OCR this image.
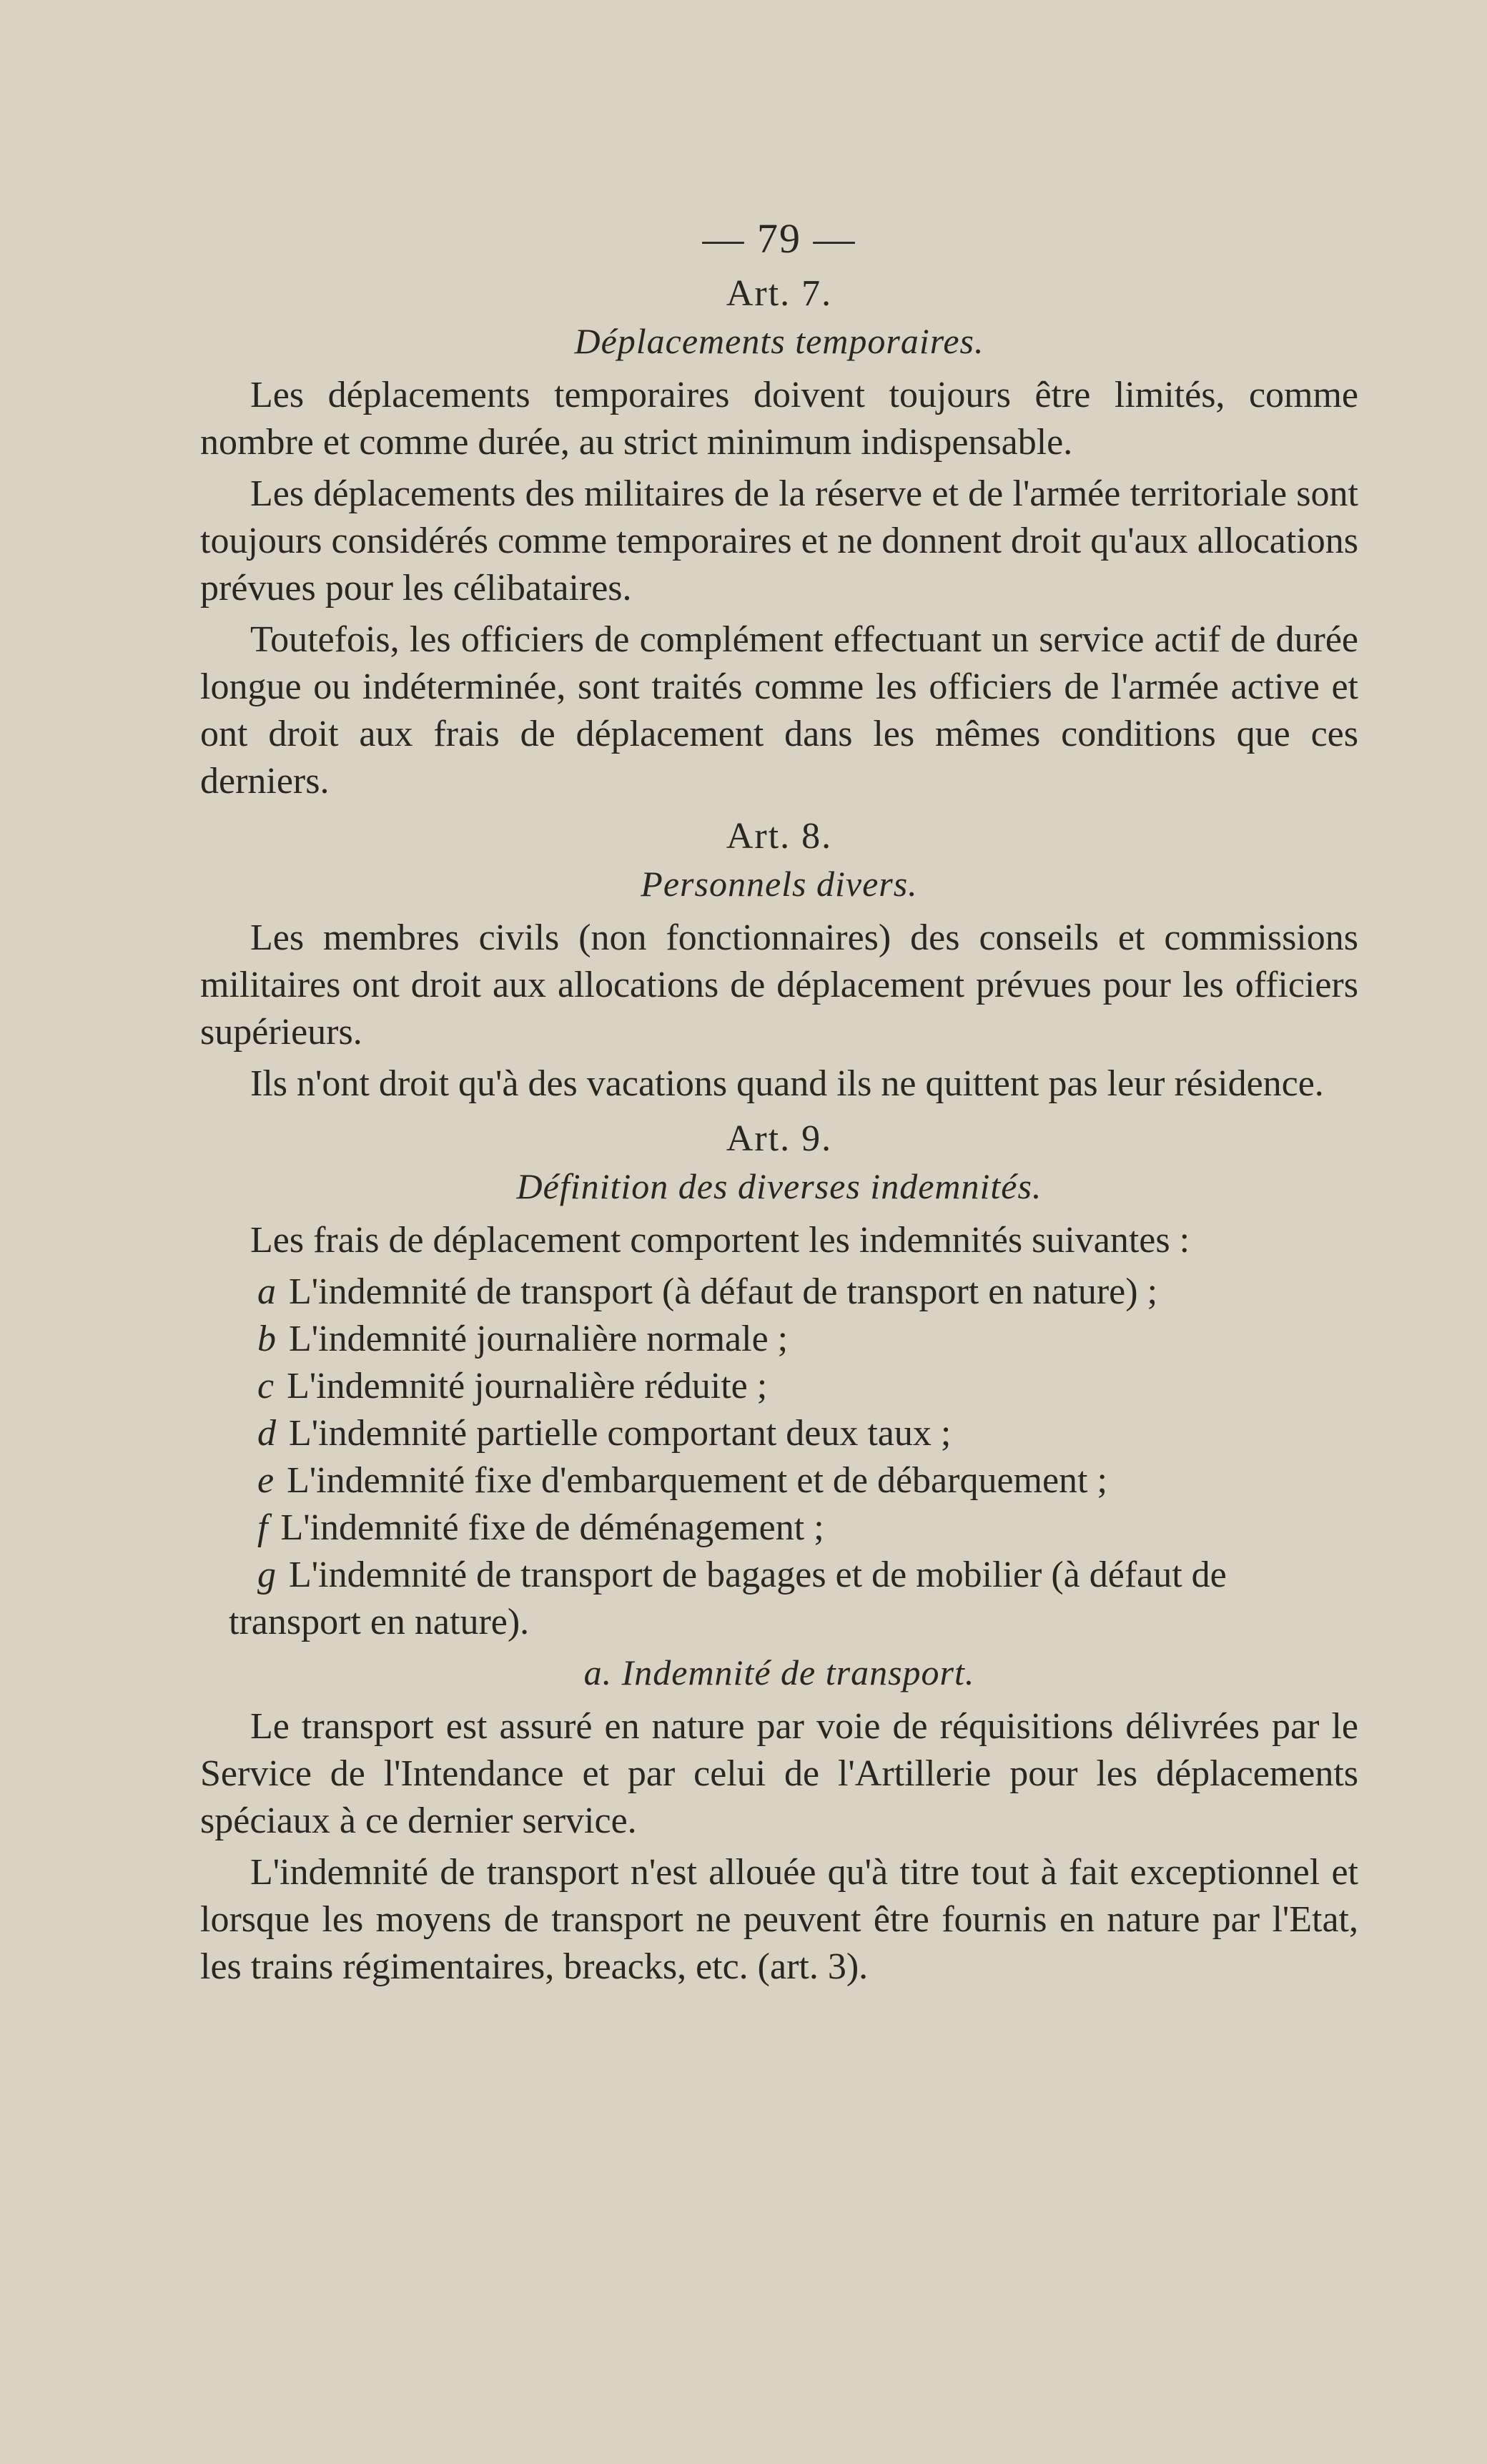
— 79 —
Art. 7.
Déplacements temporaires.

Les déplacements temporaires doivent toujours être limités, comme nombre et comme durée, au strict minimum indispensable.

Les déplacements des militaires de la réserve et de l'armée territoriale sont toujours considérés comme temporaires et ne donnent droit qu'aux allocations prévues pour les célibataires.

Toutefois, les officiers de complément effectuant un service actif de durée longue ou indéterminée, sont traités comme les officiers de l'armée active et ont droit aux frais de déplacement dans les mêmes conditions que ces derniers.

Art. 8.
Personnels divers.

Les membres civils (non fonctionnaires) des conseils et commissions militaires ont droit aux allocations de déplacement prévues pour les officiers supérieurs.

Ils n'ont droit qu'à des vacations quand ils ne quittent pas leur résidence.

Art. 9.
Définition des diverses indemnités.

Les frais de déplacement comportent les indemnités suivantes :

a L'indemnité de transport (à défaut de transport en nature) ;
b L'indemnité journalière normale ;
c L'indemnité journalière réduite ;
d L'indemnité partielle comportant deux taux ;
e L'indemnité fixe d'embarquement et de débarquement ;
f L'indemnité fixe de déménagement ;
g L'indemnité de transport de bagages et de mobilier (à défaut de transport en nature).
a. Indemnité de transport.

Le transport est assuré en nature par voie de réquisitions délivrées par le Service de l'Intendance et par celui de l'Artillerie pour les déplacements spéciaux à ce dernier service.

L'indemnité de transport n'est allouée qu'à titre tout à fait exceptionnel et lorsque les moyens de transport ne peuvent être fournis en nature par l'Etat, les trains régimentaires, breacks, etc. (art. 3).
